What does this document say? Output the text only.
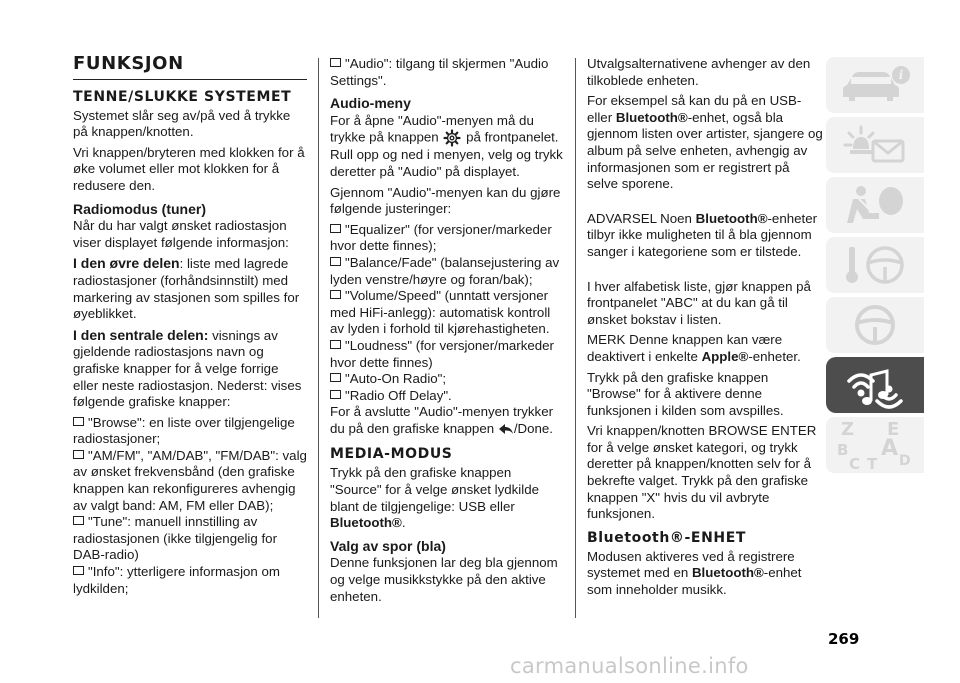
FUNKSJON
TENNE/SLUKKE SYSTEMET

Systemet slår seg av/på ved å trykke på knappen/knotten.

Vri knappen/bryteren med klokken for å øke volumet eller mot klokken for å redusere den.

Radiomodus (tuner)

Når du har valgt ønsket radiostasjon viser displayet følgende informasjon:

I den øvre delen: liste med lagrede radiostasjoner (forhåndsinnstilt) med markering av stasjonen som spilles for øyeblikket.

I den sentrale delen: visnings av gjeldende radiostasjons navn og grafiske knapper for å velge forrige eller neste radiostasjon. Nederst: vises følgende grafiske knapper:

"Browse": en liste over tilgjengelige radiostasjoner;

"AM/FM", "AM/DAB", "FM/DAB": valg av ønsket frekvensbånd (den grafiske knappen kan rekonfigureres avhengig av valgt band: AM, FM eller DAB);

"Tune": manuell innstilling av radiostasjonen (ikke tilgjengelig for DAB-radio)

"Info": ytterligere informasjon om lydkilden;

"Audio": tilgang til skjermen "Audio Settings".

Audio-meny

For å åpne "Audio"-menyen må du trykke på knappen på frontpanelet. Rull opp og ned i menyen, velg og trykk deretter på "Audio" på displayet.

Gjennom "Audio"-menyen kan du gjøre følgende justeringer:

"Equalizer" (for versjoner/markeder hvor dette finnes);

"Balance/Fade" (balansejustering av lyden venstre/høyre og foran/bak);

"Volume/Speed" (unntatt versjoner med HiFi-anlegg): automatisk kontroll av lyden i forhold til kjørehastigheten.

"Loudness" (for versjoner/markeder hvor dette finnes)

"Auto-On Radio";

"Radio Off Delay".

For å avslutte "Audio"-menyen trykker du på den grafiske knappen /Done.

MEDIA-MODUS

Trykk på den grafiske knappen "Source" for å velge ønsket lydkilde blant de tilgjengelige: USB eller Bluetooth®.

Valg av spor (bla)

Denne funksjonen lar deg bla gjennom og velge musikkstykke på den aktive enheten.

Utvalgsalternativene avhenger av den tilkoblede enheten.

For eksempel så kan du på en USB- eller Bluetooth®-enhet, også bla gjennom listen over artister, sjangere og album på selve enheten, avhengig av informasjonen som er registrert på selve sporene.

ADVARSEL Noen Bluetooth®-enheter tilbyr ikke muligheten til å bla gjennom sanger i kategoriene som er tilstede.

I hver alfabetisk liste, gjør knappen på frontpanelet "ABC" at du kan gå til ønsket bokstav i listen.

MERK Denne knappen kan være deaktivert i enkelte Apple®-enheter.

Trykk på den grafiske knappen "Browse" for å aktivere denne funksjonen i kilden som avspilles.

Vri knappen/knotten BROWSE ENTER for å velge ønsket kategori, og trykk deretter på knappen/knotten selv for å bekrefte valget. Trykk på den grafiske knappen "X" hvis du vil avbryte funksjonen.

Bluetooth®-ENHET

Modusen aktiveres ved å registrere systemet med en Bluetooth®-enhet som inneholder musikk.

i
Z E
B A
C T D
269
carmanualsonline.info
